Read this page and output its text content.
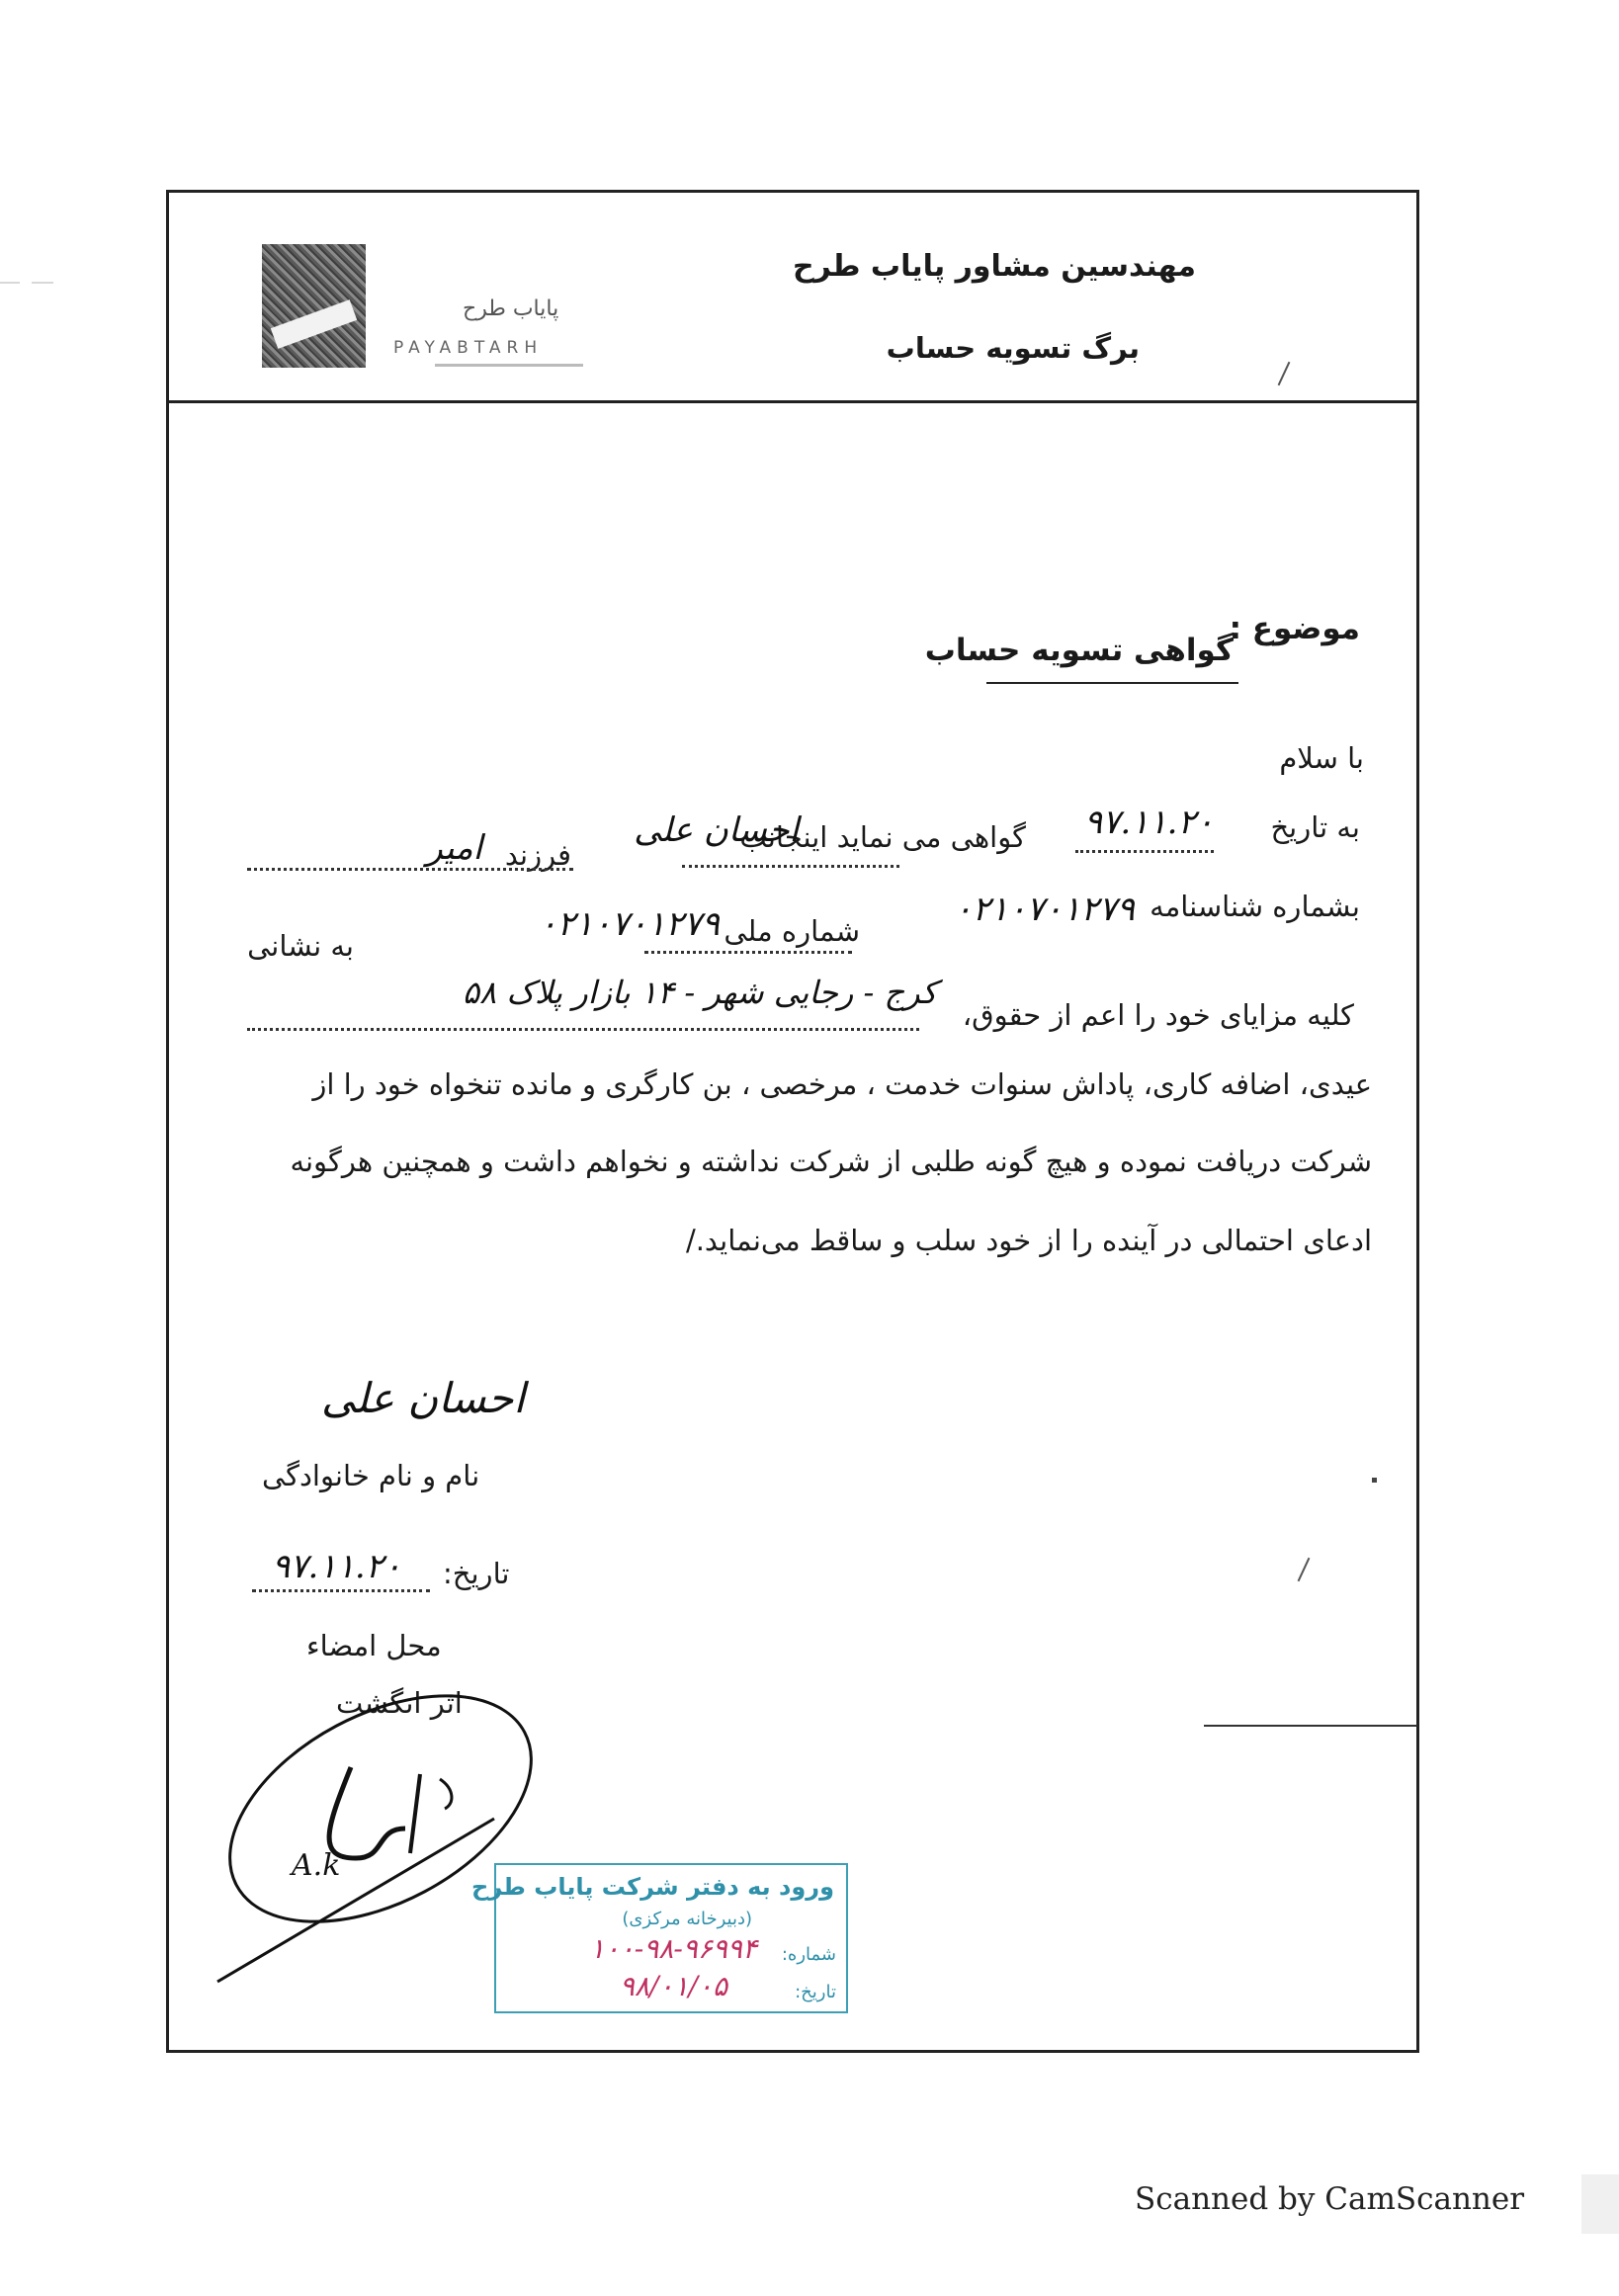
پایاب طرح
PAYABTARH
مهندسین مشاور پایاب طرح
برگ تسویه حساب
موضوع :
گواهی تسویه حساب
با سلام
به تاریخ
۹۷.۱۱.۲۰
گواهی می نماید اینجانب
احسان علی
فرزند
امیر
بشماره شناسنامه
۰۲۱۰۷۰۱۲۷۹
شماره ملی
۰۲۱۰۷۰۱۲۷۹
به نشانی
کرج - رجایی شهر - ۱۴ بازار پلاک ۵۸
کلیه مزایای خود را اعم از حقوق،
عیدی، اضافه کاری، پاداش سنوات خدمت ، مرخصی ، بن کارگری و مانده تنخواه خود را از
شرکت دریافت نموده و هیچ گونه طلبی از شرکت نداشته و نخواهم داشت و همچنین هرگونه
ادعای احتمالی در آینده را از خود سلب و ساقط می‌نماید./
احسان علی
نام و نام خانوادگی
تاریخ:
۹۷.۱۱.۲۰
محل امضاء
اثر انگشت
A.k
ورود به دفتر شرکت پایاب طرح
(دبیرخانه مرکزی)
شماره:
۱۰۰-۹۸-۹۶۹۹۴
تاریخ:
۹۸/۰۱/۰۵
Scanned by CamScanner
